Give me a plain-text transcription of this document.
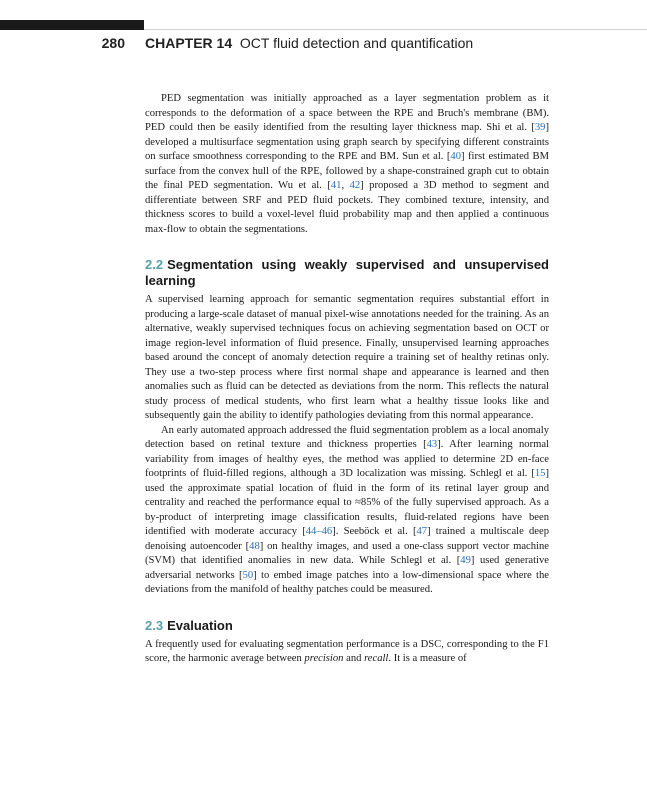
280 CHAPTER 14 OCT fluid detection and quantification

PED segmentation was initially approached as a layer segmentation problem as it corresponds to the deformation of a space between the RPE and Bruch's membrane (BM). PED could then be easily identified from the resulting layer thickness map. Shi et al. [39] developed a multisurface segmentation using graph search by specifying different constraints on surface smoothness corresponding to the RPE and BM. Sun et al. [40] first estimated BM surface from the convex hull of the RPE, followed by a shape-constrained graph cut to obtain the final PED segmentation. Wu et al. [41, 42] proposed a 3D method to segment and differentiate between SRF and PED fluid pockets. They combined texture, intensity, and thickness scores to build a voxel-level fluid probability map and then applied a continuous max-flow to obtain the segmentations.

2.2 Segmentation using weakly supervised and unsupervised learning

A supervised learning approach for semantic segmentation requires substantial effort in producing a large-scale dataset of manual pixel-wise annotations needed for the training. As an alternative, weakly supervised techniques focus on achieving segmentation based on OCT or image region-level information of fluid presence. Finally, unsupervised learning approaches based around the concept of anomaly detection require a training set of healthy retinas only. They use a two-step process where first normal shape and appearance is learned and then anomalies such as fluid can be detected as deviations from the norm. This reflects the natural study process of medical students, who first learn what a healthy tissue looks like and subsequently gain the ability to identify pathologies deviating from this normal appearance.

An early automated approach addressed the fluid segmentation problem as a local anomaly detection based on retinal texture and thickness properties [43]. After learning normal variability from images of healthy eyes, the method was applied to determine 2D en-face footprints of fluid-filled regions, although a 3D localization was missing. Schlegl et al. [15] used the approximate spatial location of fluid in the form of its retinal layer group and centrality and reached the performance equal to ≈85% of the fully supervised approach. As a by-product of interpreting image classification results, fluid-related regions have been identified with moderate accuracy [44–46]. Seeböck et al. [47] trained a multiscale deep denoising autoencoder [48] on healthy images, and used a one-class support vector machine (SVM) that identified anomalies in new data. While Schlegl et al. [49] used generative adversarial networks [50] to embed image patches into a low-dimensional space where the deviations from the manifold of healthy patches could be measured.

2.3 Evaluation

A frequently used for evaluating segmentation performance is a DSC, corresponding to the F1 score, the harmonic average between precision and recall. It is a measure of
